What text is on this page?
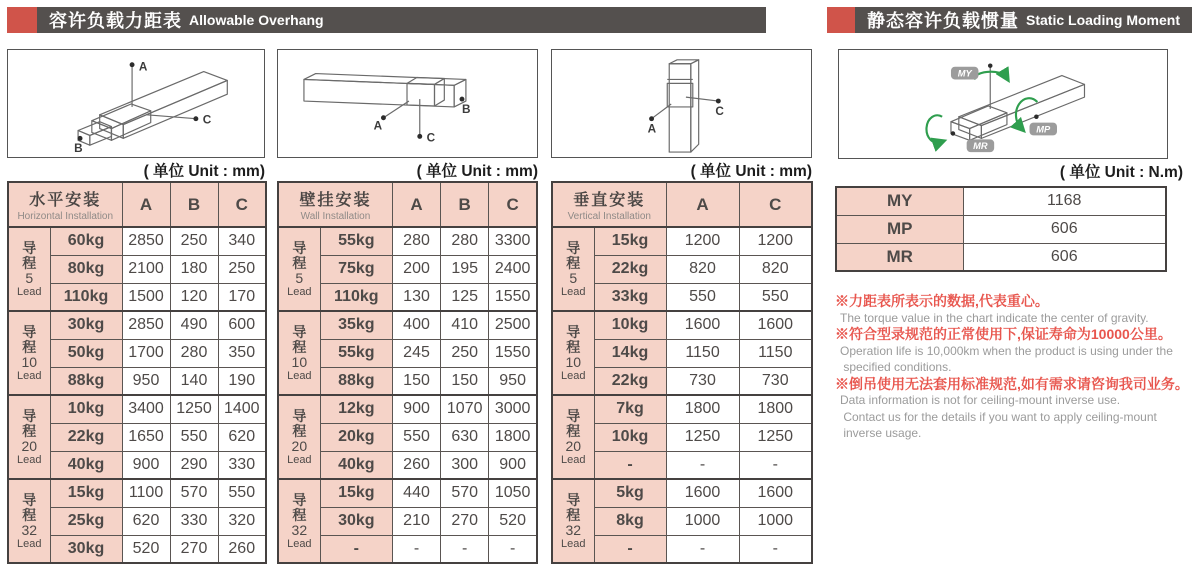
容许负载力距表 Allowable Overhang	静态容许负载惯量 Static Loading Moment
A
C
B
A
C
B
A
C
MY
MP
MR
( 单位 Unit : mm)	( 单位 Unit : mm)	( 单位 Unit : mm)	( 单位 Unit : N.m)
水平安装
Horizontal Installation		A	B	C

导
程
5
Lead	60kg	2850	250	340
	80kg	2100	180	250
	110kg	1500	120	170

导
程
10
Lead	30kg	2850	490	600
	50kg	1700	280	350
	88kg	950	140	190

导
程
20
Lead	10kg	3400	1250	1400
	22kg	1650	550	620
	40kg	900	290	330

导
程
32
Lead	15kg	1100	570	550
	25kg	620	330	320
	30kg	520	270	260
壁挂安装
Wall Installation		A	B	C

导
程
5
Lead	55kg	280	280	3300
	75kg	200	195	2400
	110kg	130	125	1550

导
程
10
Lead	35kg	400	410	2500
	55kg	245	250	1550
	88kg	150	150	950

导
程
20
Lead	12kg	900	1070	3000
	20kg	550	630	1800
	40kg	260	300	900

导
程
32
Lead	15kg	440	570	1050
	30kg	210	270	520
	-	-	-	-
垂直安装
Vertical Installation		A	C

导
程
5
Lead	15kg	1200	1200
	22kg	820	820
	33kg	550	550

导
程
10
Lead	10kg	1600	1600
	14kg	1150	1150
	22kg	730	730

导
程
20
Lead	7kg	1800	1800
	10kg	1250	1250
	-	-	-

导
程
32
Lead	5kg	1600	1600
	8kg	1000	1000
	-	-	-
MY	1168
MP	606
MR	606
※力距表所表示的数据,代表重心。
The torque value in the chart indicate the center of gravity.
※符合型录规范的正常使用下,保证寿命为10000公里。
Operation life is 10,000km when the product is using under the
specified conditions.
※倒吊使用无法套用标准规范,如有需求请咨询我司业务。
Data information is not for ceiling-mount inverse use.
Contact us for the details if you want to apply ceiling-mount
inverse usage.
